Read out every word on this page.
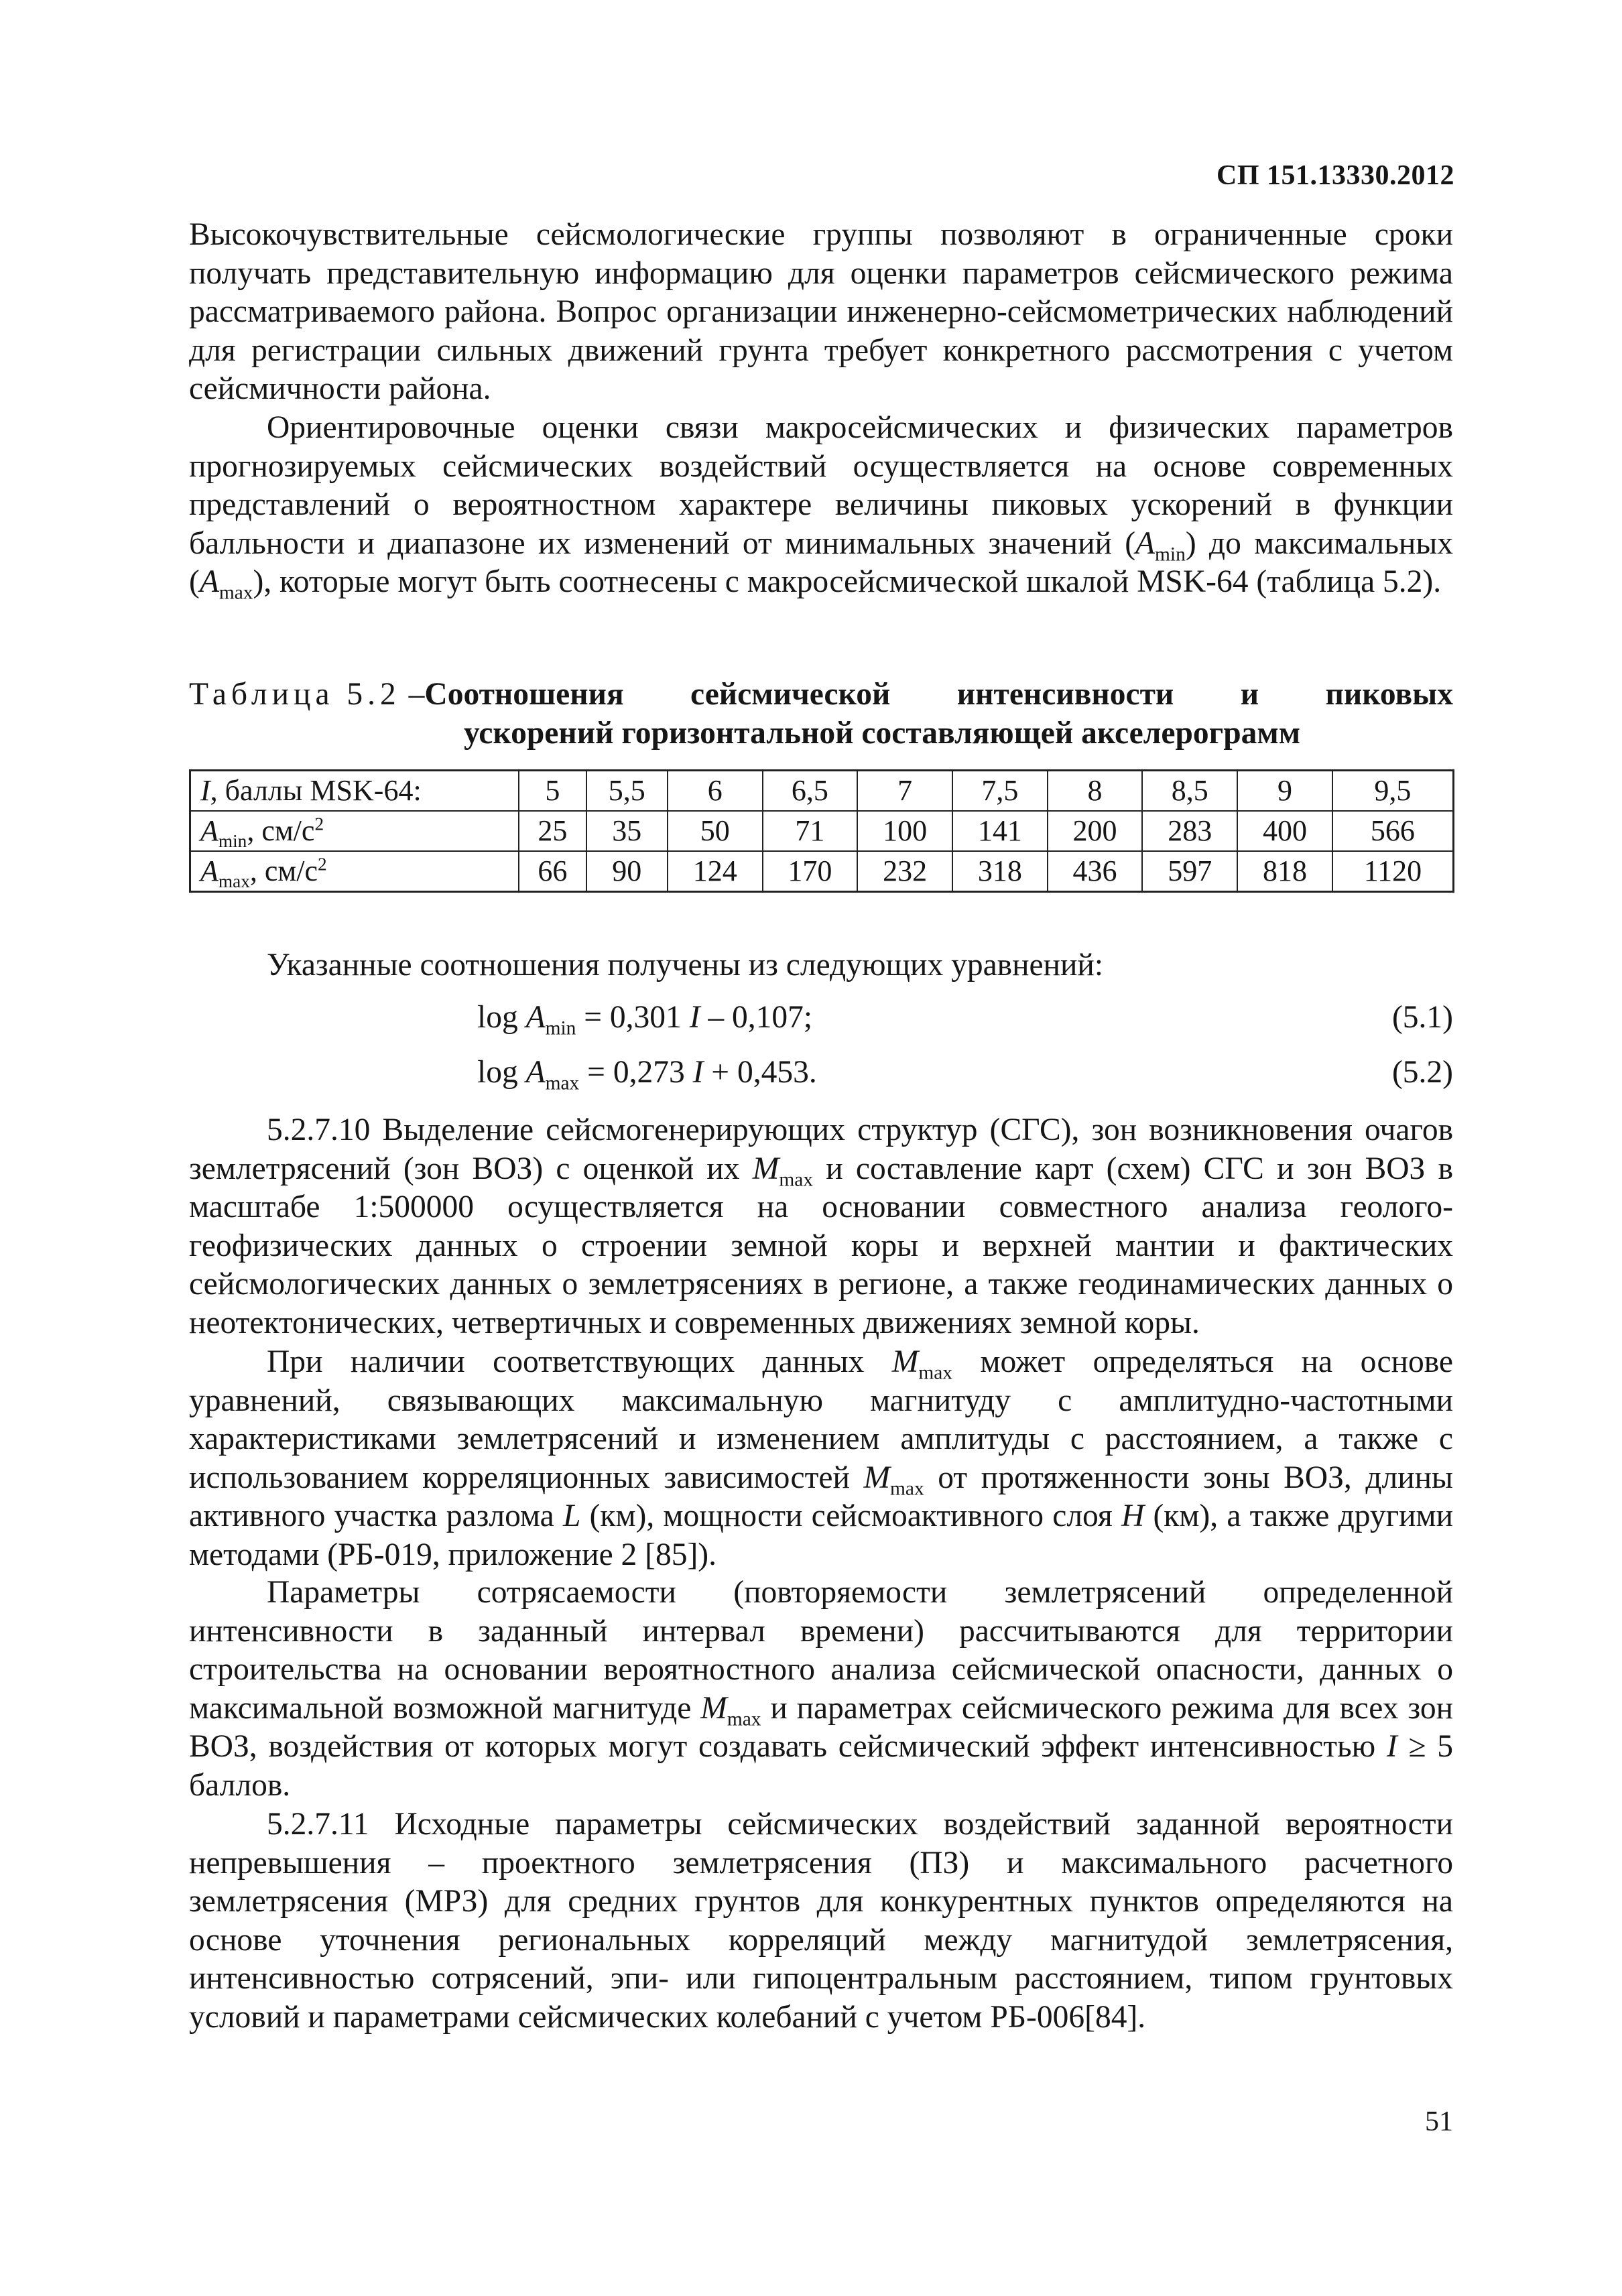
СП 151.13330.2012

Высокочувствительные сейсмологические группы позволяют в ограниченные сроки получать представительную информацию для оценки параметров сейсмического режима рассматриваемого района. Вопрос организации инженерно-сейсмометрических наблюдений для регистрации сильных движений грунта требует конкретного рассмотрения с учетом сейсмичности района.

Ориентировочные оценки связи макросейсмических и физических параметров прогнозируемых сейсмических воздействий осуществляется на основе современных представлений о вероятностном характере величины пиковых ускорений в функции балльности и диапазоне их изменений от минимальных значений $(A_{min})$ до максимальных $(A_{max})$, которые могут быть соотнесены с макросейсмической шкалой MSK-64 (таблица 5.2).

Таблица 5.2 –Соотношения сейсмической интенсивности и пиковых
ускорений горизонтальной составляющей акселерограмм
I, баллы MSK-64:	5	5,5	6	6,5	7	7,5	8	8,5	9	9,5
$A_{min}$, $см/с^2$	25	35	50	71	100	141	200	283	400	566
$A_{max}$, $см/с^2$	66	90	124	170	232	318	436	597	818	1120

Указанные соотношения получены из следующих уравнений:

$\log A_{min} = 0,301$ I – 0,107;	(5.1)
$\log A_{max} = 0,273$ I + 0,453.	(5.2)

5.2.7.10 Выделение сейсмогенерирующих структур (СГС), зон возникновения очагов землетрясений (зон ВОЗ) с оценкой их $M_{max}$ и составление карт (схем) СГС и зон ВОЗ в масштабе 1:500000 осуществляется на основании совместного анализа геолого-геофизических данных о строении земной коры и верхней мантии и фактических сейсмологических данных о землетрясениях в регионе, а также геодинамических данных о неотектонических, четвертичных и современных движениях земной коры.

При наличии соответствующих данных $M_{max}$ может определяться на основе уравнений, связывающих максимальную магнитуду с амплитудно-частотными характеристиками землетрясений и изменением амплитуды с расстоянием, а также с использованием корреляционных зависимостей $M_{max}$ от протяженности зоны ВОЗ, длины активного участка разлома L (км), мощности сейсмоактивного слоя H (км), а также другими методами (РБ-019, приложение 2 [85]).

Параметры сотрясаемости (повторяемости землетрясений определенной интенсивности в заданный интервал времени) рассчитываются для территории строительства на основании вероятностного анализа сейсмической опасности, данных о максимальной возможной магнитуде $M_{max}$ и параметрах сейсмического режима для всех зон ВОЗ, воздействия от которых могут создавать сейсмический эффект интенсивностью I ≥ 5 баллов.

5.2.7.11 Исходные параметры сейсмических воздействий заданной вероятности непревышения – проектного землетрясения (ПЗ) и максимального расчетного землетрясения (МРЗ) для средних грунтов для конкурентных пунктов определяются на основе уточнения региональных корреляций между магнитудой землетрясения, интенсивностью сотрясений, эпи- или гипоцентральным расстоянием, типом грунтовых условий и параметрами сейсмических колебаний с учетом РБ-006[84].

51
